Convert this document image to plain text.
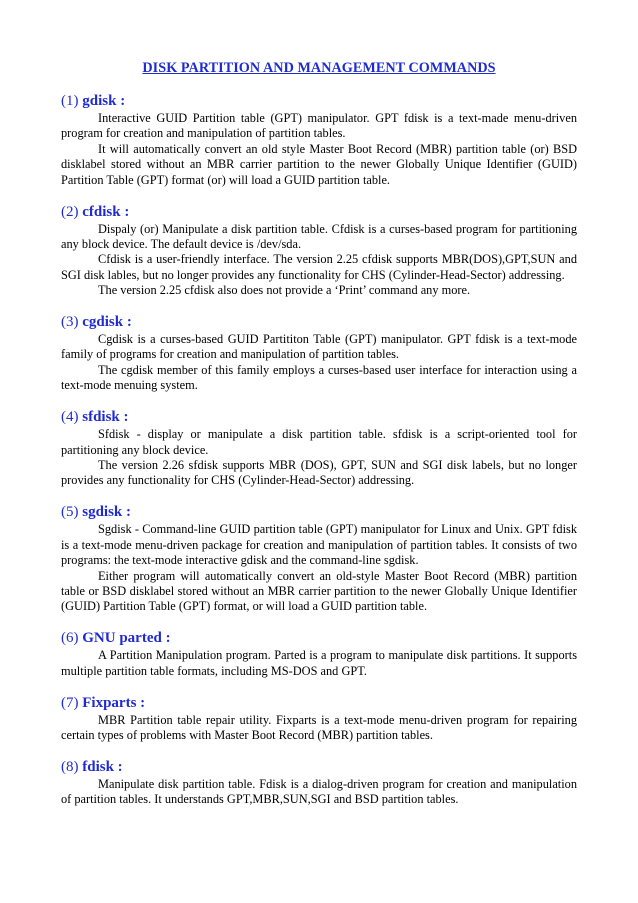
DISK PARTITION AND MANAGEMENT COMMANDS
(1) gdisk :

Interactive GUID Partition table (GPT) manipulator. GPT fdisk is a text-made menu-driven program for creation and manipulation of partition tables.

It will automatically convert an old style Master Boot Record (MBR) partition table (or) BSD disklabel stored without an MBR carrier partition to the newer Globally Unique Identifier (GUID) Partition Table (GPT) format (or) will load a GUID partition table.

(2) cfdisk :

Dispaly (or) Manipulate a disk partition table. Cfdisk is a curses-based program for partitioning any block device. The default device is /dev/sda.

Cfdisk is a user-friendly interface. The version 2.25 cfdisk supports MBR(DOS),GPT,SUN and SGI disk lables, but no longer provides any functionality for CHS (Cylinder-Head-Sector) addressing.

The version 2.25 cfdisk also does not provide a ‘Print’ command any more.

(3) cgdisk :

Cgdisk is a curses-based GUID Partititon Table (GPT) manipulator. GPT fdisk is a text-mode family of programs for creation and manipulation of partition tables.

The cgdisk member of this family employs a curses-based user interface for interaction using a text-mode menuing system.

(4) sfdisk :

Sfdisk - display or manipulate a disk partition table. sfdisk is a script-oriented tool for partitioning any block device.

The version 2.26 sfdisk supports MBR (DOS), GPT, SUN and SGI disk labels, but no longer provides any functionality for CHS (Cylinder-Head-Sector) addressing.

(5) sgdisk :

Sgdisk - Command-line GUID partition table (GPT) manipulator for Linux and Unix. GPT fdisk is a text-mode menu-driven package for creation and manipulation of partition tables. It consists of two programs: the text-mode interactive gdisk and the command-line sgdisk.

Either program will automatically convert an old-style Master Boot Record (MBR) partition table or BSD disklabel stored without an MBR carrier partition to the newer Globally Unique Identifier (GUID) Partition Table (GPT) format, or will load a GUID partition table.

(6) GNU parted :

A Partition Manipulation program. Parted is a program to manipulate disk partitions. It supports multiple partition table formats, including MS-DOS and GPT.

(7) Fixparts :

MBR Partition table repair utility. Fixparts is a text-mode menu-driven program for repairing certain types of problems with Master Boot Record (MBR) partition tables.

(8) fdisk :

Manipulate disk partition table. Fdisk is a dialog-driven program for creation and manipulation of partition tables. It understands GPT,MBR,SUN,SGI and BSD partition tables.
